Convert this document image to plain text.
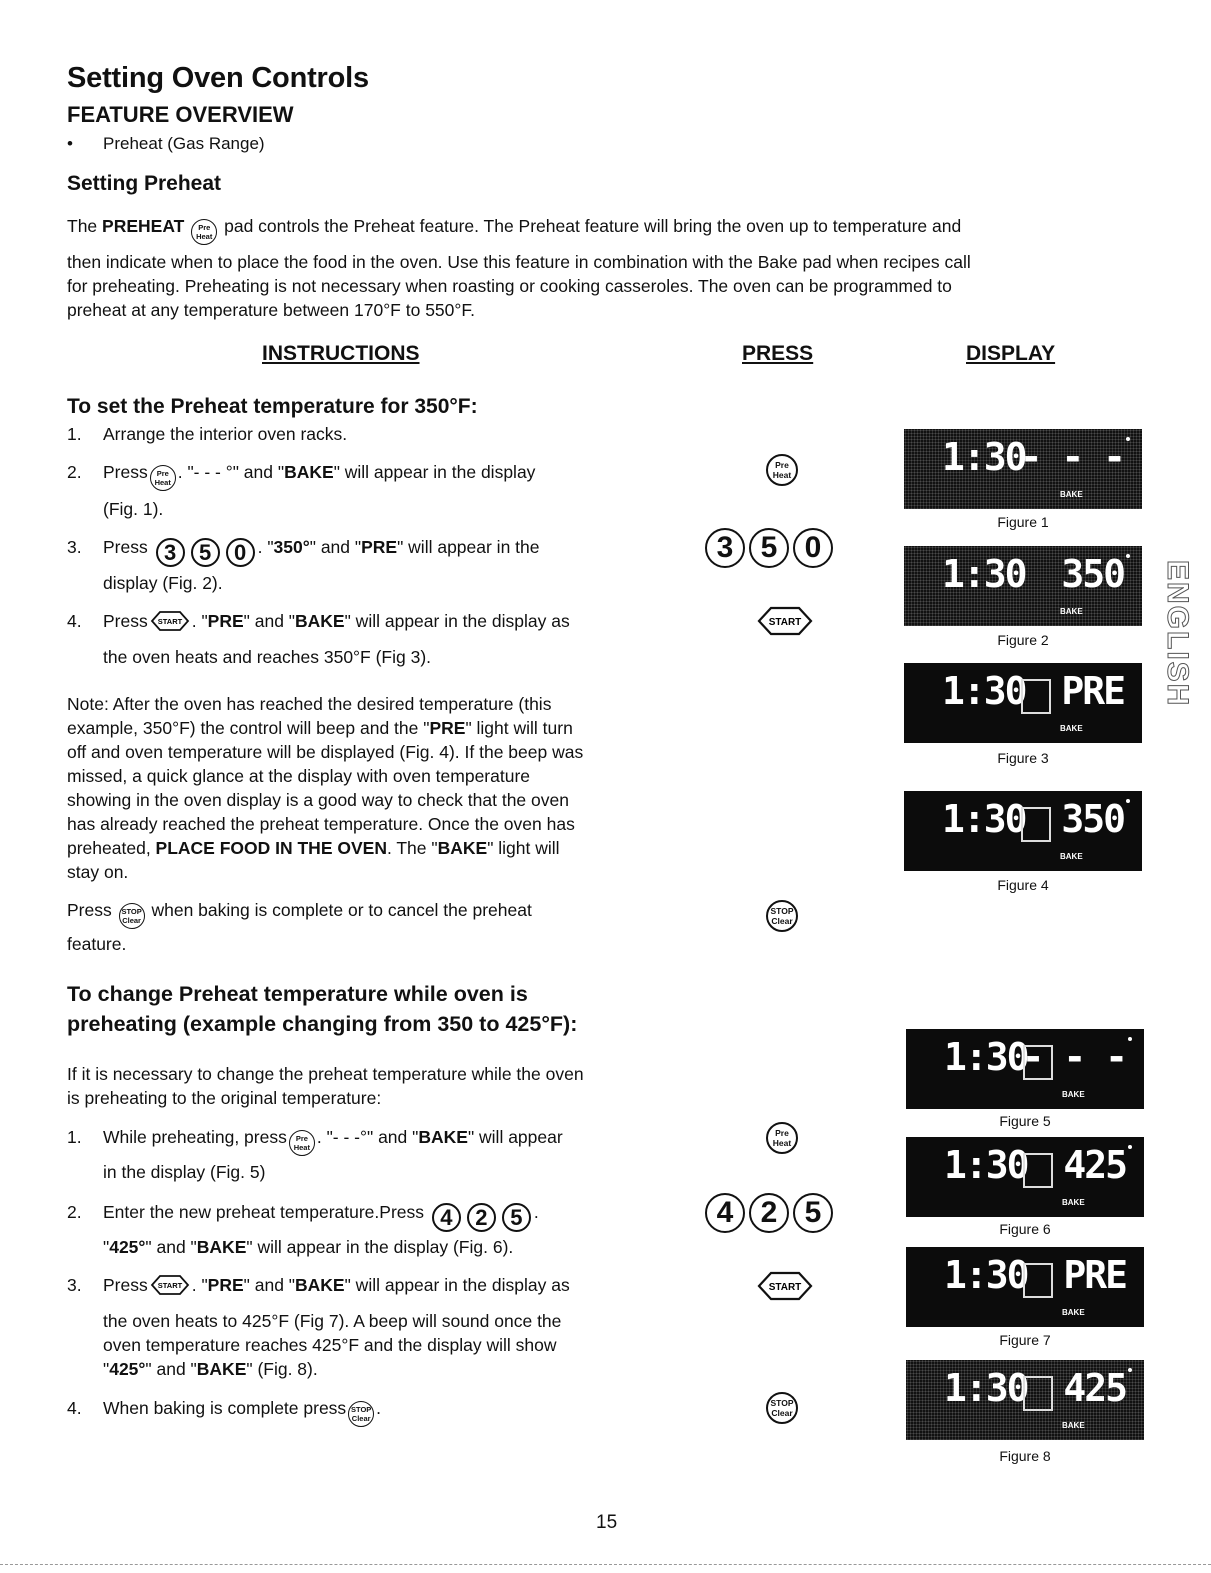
Setting Oven Controls
FEATURE OVERVIEW
• Preheat (Gas Range)
Setting Preheat
The PREHEAT Pre
Heat pad controls the Preheat feature. The Preheat feature will bring the oven up to temperature and
then indicate when to place the food in the oven. Use this feature in combination with the Bake pad when recipes call
for preheating. Preheating is not necessary when roasting or cooking casseroles. The oven can be programmed to
preheat at any temperature between 170°F to 550°F.
INSTRUCTIONS	PRESS	DISPLAY
To set the Preheat temperature for 350°F:
1. Arrange the interior oven racks.
2. Press Pre
Heat. "- - - °" and "BAKE" will appear in the display
(Fig. 1).
3. Press 3 5 0 . "350°" and "PRE" will appear in the
display (Fig. 2).
4. Press START . "PRE" and "BAKE" will appear in the display as
the oven heats and reaches 350°F (Fig 3).
Note: After the oven has reached the desired temperature (this
example, 350°F) the control will beep and the "PRE" light will turn
off and oven temperature will be displayed (Fig. 4). If the beep was
missed, a quick glance at the display with oven temperature
showing in the oven display is a good way to check that the oven
has already reached the preheat temperature. Once the oven has
preheated, PLACE FOOD IN THE OVEN. The "BAKE" light will
stay on.
Press STOP
Clear when baking is complete or to cancel the preheat
feature.
To change Preheat temperature while oven is
preheating (example changing from 350 to 425°F):
If it is necessary to change the preheat temperature while the oven
is preheating to the original temperature:
1. While preheating, press Pre
Heat. "- - -°" and "BAKE" will appear
in the display (Fig. 5)
2. Enter the new preheat temperature.Press 4 2 5 .
"425°" and "BAKE" will appear in the display (Fig. 6).
3. Press START . "PRE" and "BAKE" will appear in the display as
the oven heats to 425°F (Fig 7). A beep will sound once the
oven temperature reaches 425°F and the display will show
"425°" and "BAKE" (Fig. 8).
4. When baking is complete press STOP
Clear.
Pre
Heat
3 5 0
START
STOP
Clear
Pre
Heat
4 2 5
START
STOP
Clear
1:30
- - -
BAKE
Figure 1
1:30 350
BAKE
Figure 2
1:30 PRE
BAKE
Figure 3
1:30 350
BAKE
Figure 4
1:30
- - -
BAKE
Figure 5
1:30 425
BAKE
Figure 6
1:30 PRE
BAKE
Figure 7
1:30 425
BAKE
Figure 8
ENGLISH
15
